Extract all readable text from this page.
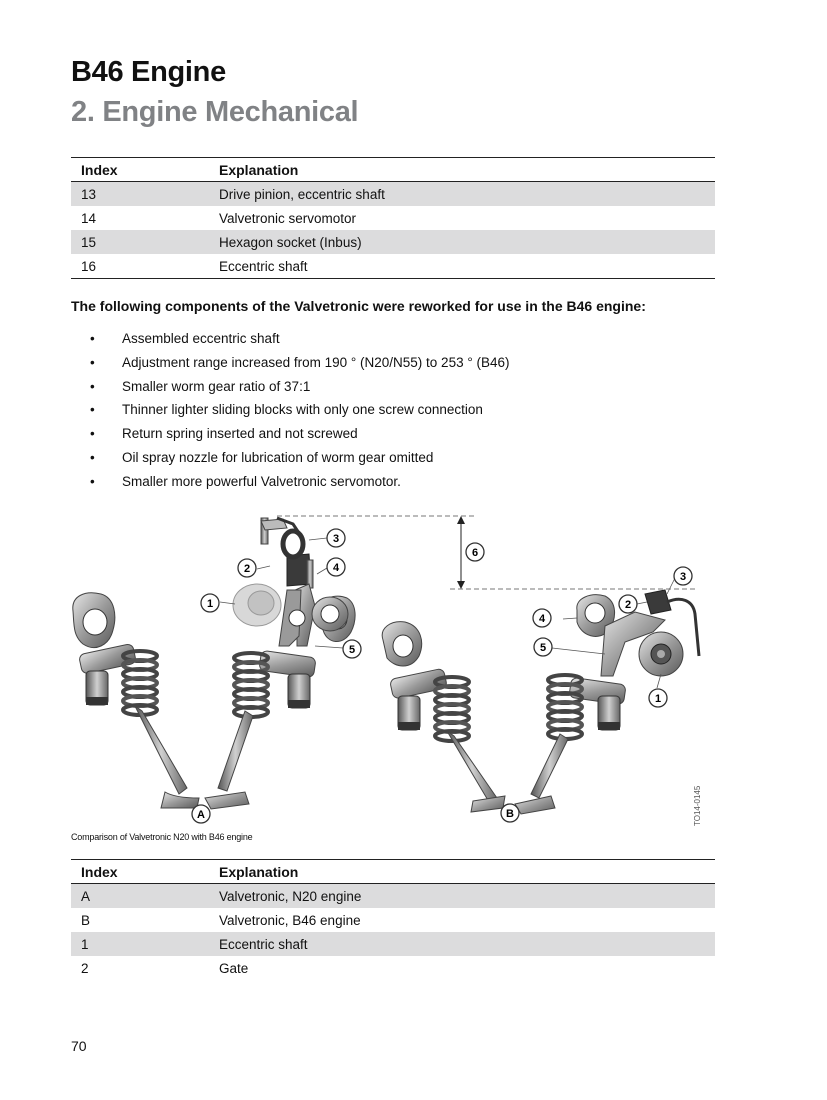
B46 Engine
2. Engine Mechanical
Index	Explanation
13	Drive pinion, eccentric shaft
14	Valvetronic servomotor
15	Hexagon socket (Inbus)
16	Eccentric shaft
The following components of the Valvetronic were reworked for use in the B46 engine:
• Assembled eccentric shaft
• Adjustment range increased from 190 ° (N20/N55) to 253 ° (B46)
• Smaller worm gear ratio of 37:1
• Thinner lighter sliding blocks with only one screw connection
• Return spring inserted and not screwed
• Oil spray nozzle for lubrication of worm gear omitted
• Smaller more powerful Valvetronic servomotor.
1
2
3
4
5
A
6
1
2
3
4
5
B	TO14-0145
Comparison of Valvetronic N20 with B46 engine
Index	Explanation
A	Valvetronic, N20 engine
B	Valvetronic, B46 engine
1	Eccentric shaft
2	Gate
70
